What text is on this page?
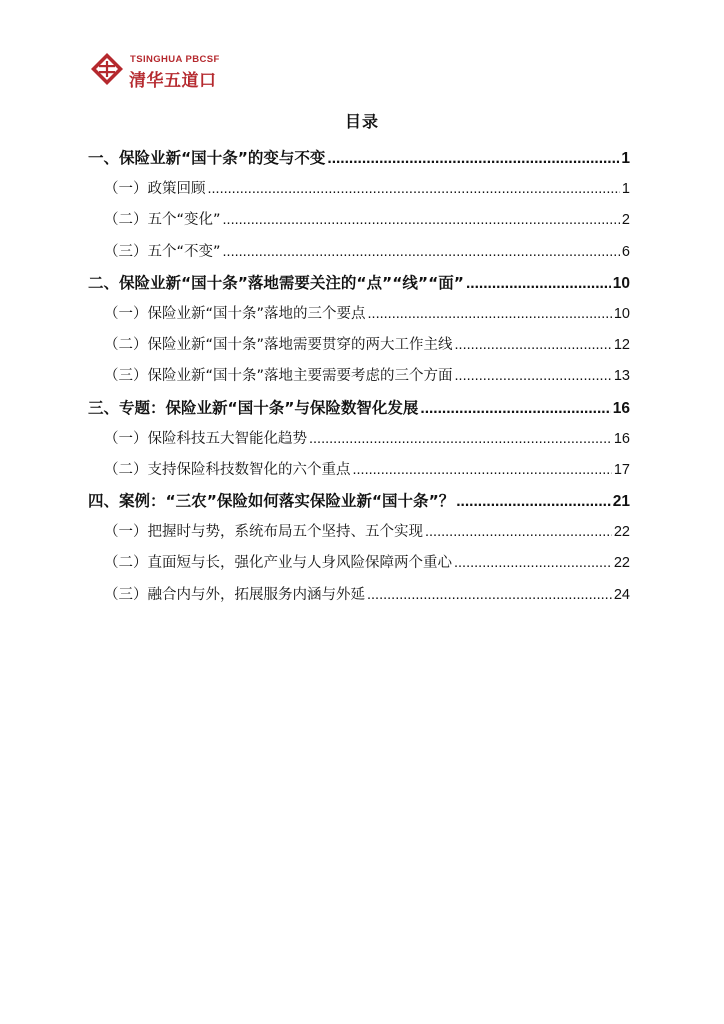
TSINGHUA PBCSF
清华五道口
目录
一、保险业新“国十条”的变与不变 .....	1
（一）政策回顾 .....	1
（二）五个“变化” .....	2
（三）五个“不变” .....	6
二、保险业新“国十条”落地需要关注的“点”“线”“面” .....	10
（一）保险业新“国十条”落地的三个要点 .....	10
（二）保险业新“国十条”落地需要贯穿的两大工作主线 .....	12
（三）保险业新“国十条”落地主要需要考虑的三个方面 .....	13
三、专题：保险业新“国十条”与保险数智化发展 .....	16
（一）保险科技五大智能化趋势 .....	16
（二）支持保险科技数智化的六个重点 .....	17
四、案例：“三农”保险如何落实保险业新“国十条”？ .....	21
（一）把握时与势，系统布局五个坚持、五个实现 .....	22
（二）直面短与长，强化产业与人身风险保障两个重心 .....	22
（三）融合内与外，拓展服务内涵与外延 .....	24
